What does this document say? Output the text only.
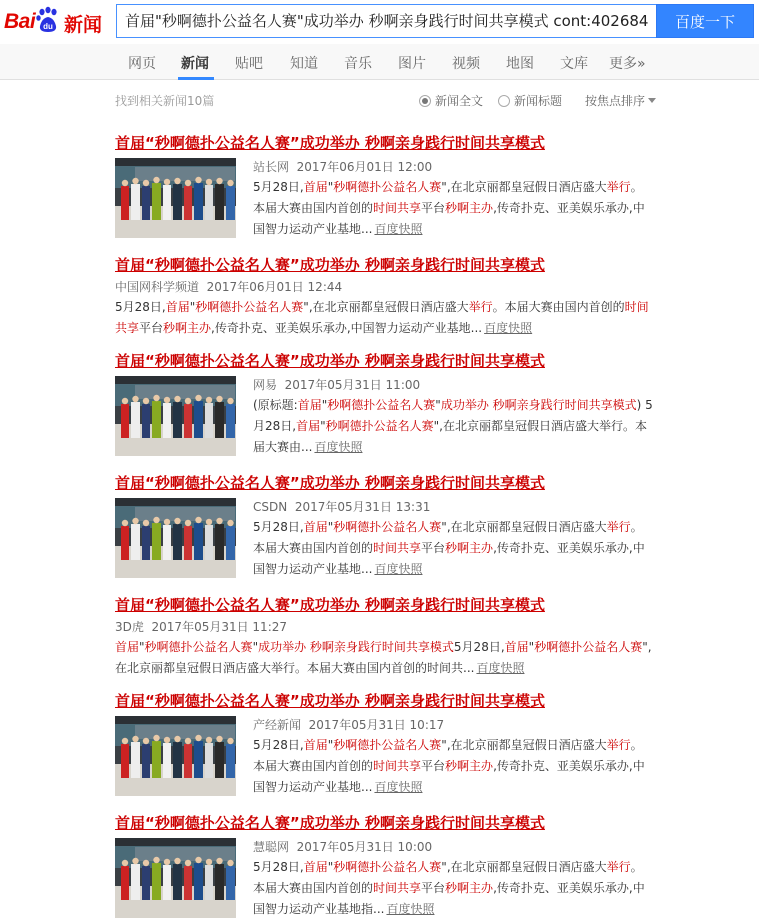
Bai du 新闻	首届"秒啊德扑公益名人赛"成功举办 秒啊亲身践行时间共享模式 cont:402684	百度一下
网页 新闻 贴吧 知道 音乐 图片 视频 地图 文库 更多»
找到相关新闻10篇	新闻全文	新闻标题 按焦点排序
首届“秒啊德扑公益名人赛”成功举办 秒啊亲身践行时间共享模式
站长网 2017年06月01日 12:00
5月28日,首届"秒啊德扑公益名人赛",在北京丽都皇冠假日酒店盛大举行。本届大赛由国内首创的时间共享平台秒啊主办,传奇扑克、亚美娱乐承办,中国智力运动产业基地... 百度快照
首届“秒啊德扑公益名人赛”成功举办 秒啊亲身践行时间共享模式
中国网科学频道 2017年06月01日 12:44
5月28日,首届"秒啊德扑公益名人赛",在北京丽都皇冠假日酒店盛大举行。本届大赛由国内首创的时间共享平台秒啊主办,传奇扑克、亚美娱乐承办,中国智力运动产业基地... 百度快照
首届“秒啊德扑公益名人赛”成功举办 秒啊亲身践行时间共享模式
网易 2017年05月31日 11:00
(原标题:首届"秒啊德扑公益名人赛"成功举办 秒啊亲身践行时间共享模式) 5月28日,首届"秒啊德扑公益名人赛",在北京丽都皇冠假日酒店盛大举行。本届大赛由... 百度快照
首届“秒啊德扑公益名人赛”成功举办 秒啊亲身践行时间共享模式
CSDN 2017年05月31日 13:31
5月28日,首届"秒啊德扑公益名人赛",在北京丽都皇冠假日酒店盛大举行。本届大赛由国内首创的时间共享平台秒啊主办,传奇扑克、亚美娱乐承办,中国智力运动产业基地... 百度快照
首届“秒啊德扑公益名人赛”成功举办 秒啊亲身践行时间共享模式
3D虎 2017年05月31日 11:27
首届"秒啊德扑公益名人赛"成功举办 秒啊亲身践行时间共享模式5月28日,首届"秒啊德扑公益名人赛",在北京丽都皇冠假日酒店盛大举行。本届大赛由国内首创的时间共... 百度快照
首届“秒啊德扑公益名人赛”成功举办 秒啊亲身践行时间共享模式
产经新闻 2017年05月31日 10:17
5月28日,首届"秒啊德扑公益名人赛",在北京丽都皇冠假日酒店盛大举行。本届大赛由国内首创的时间共享平台秒啊主办,传奇扑克、亚美娱乐承办,中国智力运动产业基地... 百度快照
首届“秒啊德扑公益名人赛”成功举办 秒啊亲身践行时间共享模式
慧聪网 2017年05月31日 10:00
5月28日,首届"秒啊德扑公益名人赛",在北京丽都皇冠假日酒店盛大举行。本届大赛由国内首创的时间共享平台秒啊主办,传奇扑克、亚美娱乐承办,中国智力运动产业基地指... 百度快照
